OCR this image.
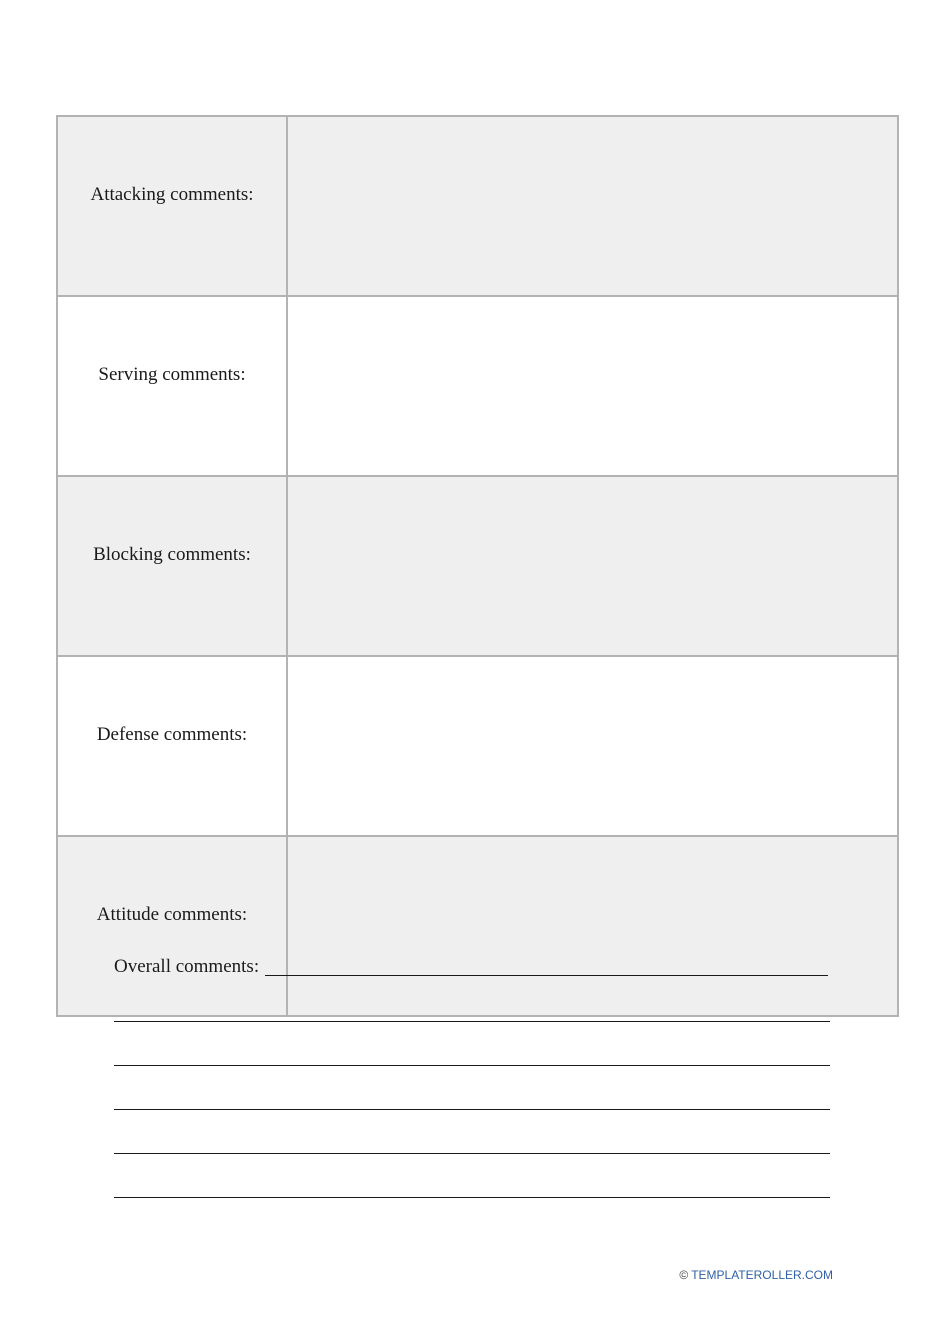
Attacking comments:	
Serving comments:	
Blocking comments:	
Defense comments:	
Attitude comments:	
Overall comments:
© TEMPLATEROLLER.COM
